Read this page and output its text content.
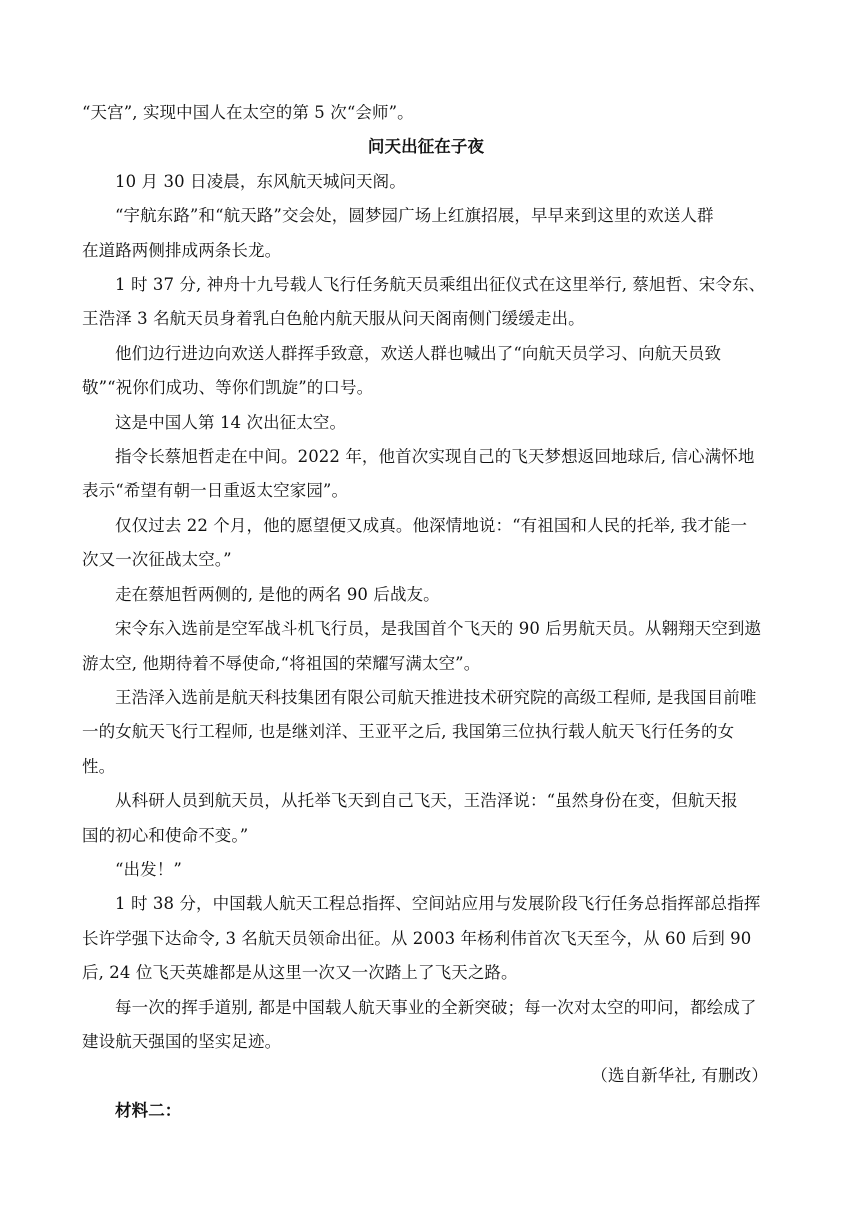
“天宫”, 实现中国人在太空的第 5 次“会师”。
问天出征在子夜
10 月 30 日凌晨，东风航天城问天阁。
“宇航东路”和“航天路”交会处，圆梦园广场上红旗招展，早早来到这里的欢送人群
在道路两侧排成两条长龙。
1 时 37 分, 神舟十九号载人飞行任务航天员乘组出征仪式在这里举行, 蔡旭哲、宋令东、
王浩泽 3 名航天员身着乳白色舱内航天服从问天阁南侧门缓缓走出。
他们边行进边向欢送人群挥手致意，欢送人群也喊出了“向航天员学习、向航天员致
敬”“祝你们成功、等你们凯旋”的口号。
这是中国人第 14 次出征太空。
指令长蔡旭哲走在中间。2022 年，他首次实现自己的飞天梦想返回地球后, 信心满怀地
表示“希望有朝一日重返太空家园”。
仅仅过去 22 个月，他的愿望便又成真。他深情地说：“有祖国和人民的托举, 我才能一
次又一次征战太空。”
走在蔡旭哲两侧的, 是他的两名 90 后战友。
宋令东入选前是空军战斗机飞行员，是我国首个飞天的 90 后男航天员。从翱翔天空到遨
游太空, 他期待着不辱使命,“将祖国的荣耀写满太空”。
王浩泽入选前是航天科技集团有限公司航天推进技术研究院的高级工程师, 是我国目前唯
一的女航天飞行工程师, 也是继刘洋、王亚平之后, 我国第三位执行载人航天飞行任务的女
性。
从科研人员到航天员，从托举飞天到自己飞天，王浩泽说：“虽然身份在变，但航天报
国的初心和使命不变。”
“出发！”
1 时 38 分，中国载人航天工程总指挥、空间站应用与发展阶段飞行任务总指挥部总指挥
长许学强下达命令, 3 名航天员领命出征。从 2003 年杨利伟首次飞天至今，从 60 后到 90
后, 24 位飞天英雄都是从这里一次又一次踏上了飞天之路。
每一次的挥手道别, 都是中国载人航天事业的全新突破；每一次对太空的叩问，都绘成了
建设航天强国的坚实足迹。
（选自新华社, 有删改）
材料二：
